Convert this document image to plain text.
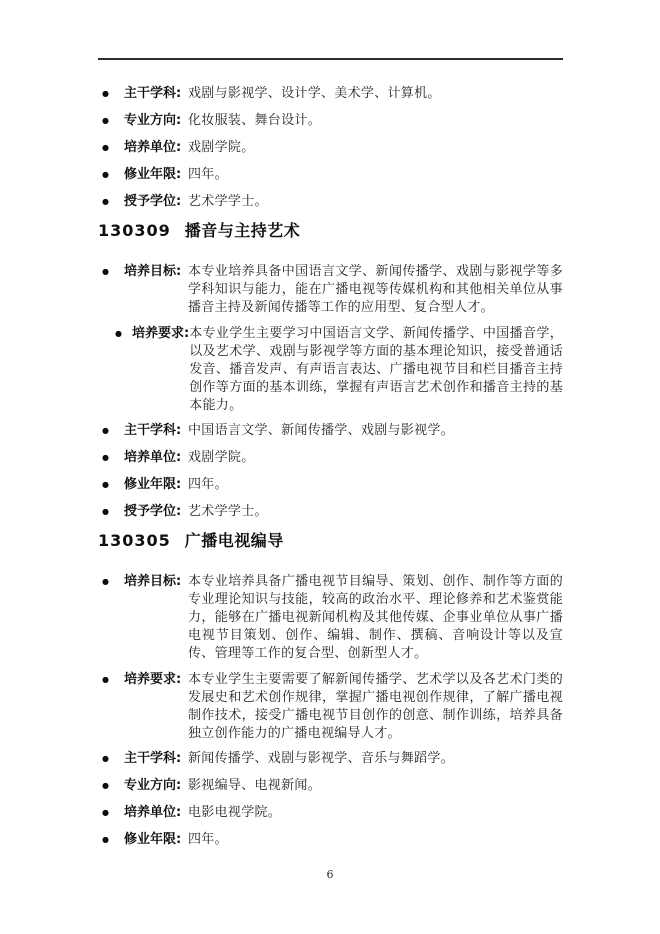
●	主干学科: 戏剧与影视学、设计学、美术学、计算机。
●	专业方向: 化妆服装、舞台设计。
●	培养单位: 戏剧学院。
●	修业年限: 四年。
●	授予学位: 艺术学学士。
130309 播音与主持艺术
●	培养目标: 本专业培养具备中国语言文学、新闻传播学、戏剧与影视学等多学科知识与能力，能在广播电视等传媒机构和其他相关单位从事播音主持及新闻传播等工作的应用型、复合型人才。
● 培养要求: 本专业学生主要学习中国语言文学、新闻传播学、中国播音学，以及艺术学、戏剧与影视学等方面的基本理论知识，接受普通话发音、播音发声、有声语言表达、广播电视节目和栏目播音主持创作等方面的基本训练，掌握有声语言艺术创作和播音主持的基本能力。
●	主干学科: 中国语言文学、新闻传播学、戏剧与影视学。
●	培养单位: 戏剧学院。
●	修业年限: 四年。
●	授予学位: 艺术学学士。
130305 广播电视编导
●	培养目标: 本专业培养具备广播电视节目编导、策划、创作、制作等方面的专业理论知识与技能，较高的政治水平、理论修养和艺术鉴赏能力，能够在广播电视新闻机构及其他传媒、企事业单位从事广播电视节目策划、创作、编辑、制作、撰稿、音响设计等以及宣传、管理等工作的复合型、创新型人才。
●	培养要求: 本专业学生主要需要了解新闻传播学、艺术学以及各艺术门类的发展史和艺术创作规律，掌握广播电视创作规律，了解广播电视制作技术，接受广播电视节目创作的创意、制作训练，培养具备独立创作能力的广播电视编导人才。
●	主干学科: 新闻传播学、戏剧与影视学、音乐与舞蹈学。
●	专业方向: 影视编导、电视新闻。
●	培养单位: 电影电视学院。
●	修业年限: 四年。
6
